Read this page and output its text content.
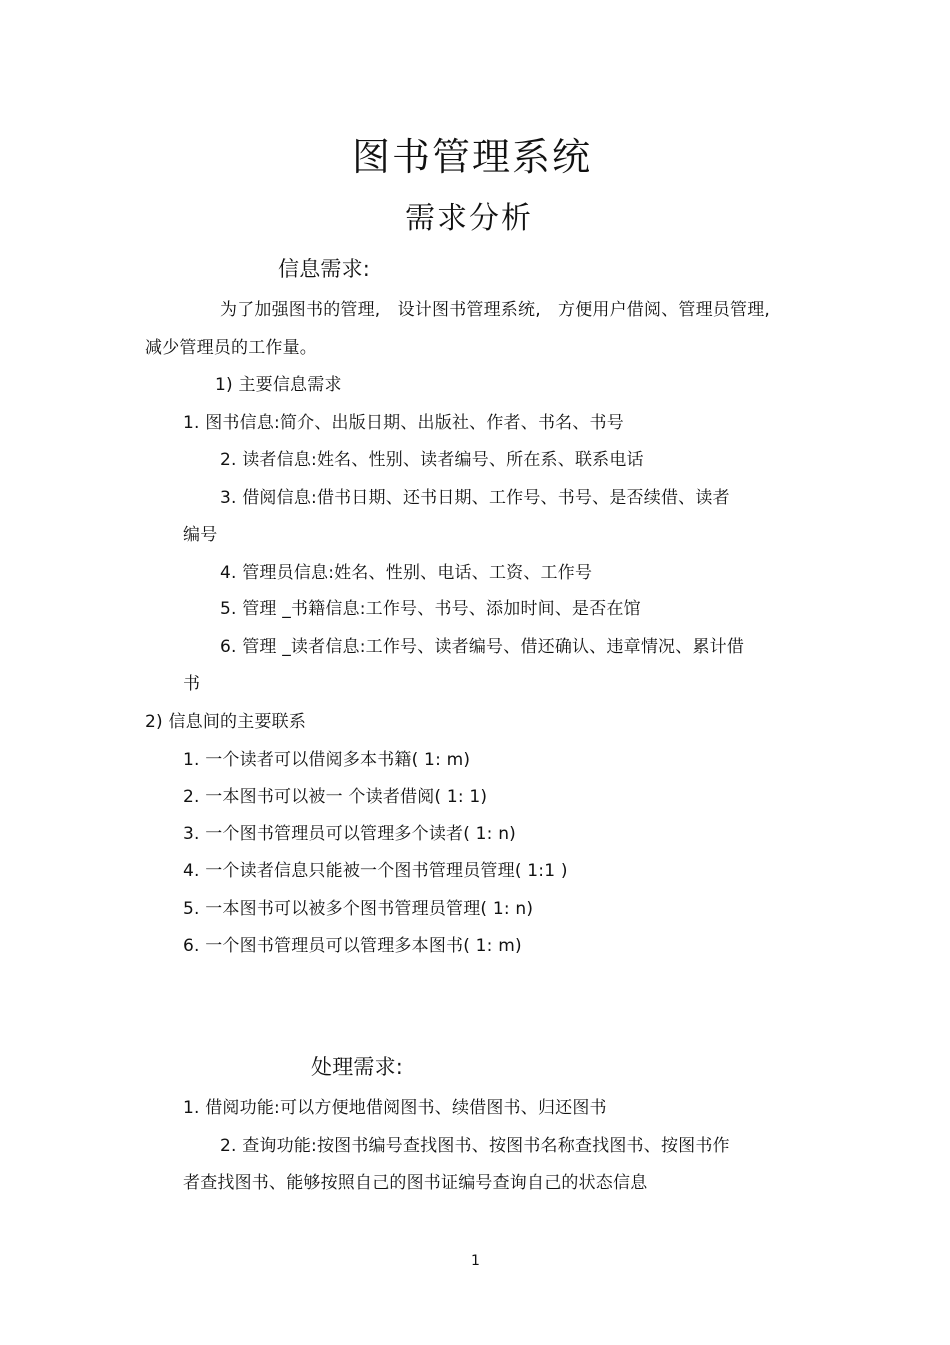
图书管理系统
需求分析
信息需求:
为了加强图书的管理,　设计图书管理系统,　方便用户借阅、管理员管理,
减少管理员的工作量。
1) 主要信息需求
1. 图书信息:简介、出版日期、出版社、作者、书名、书号
2. 读者信息:姓名、性别、读者编号、所在系、联系电话
3. 借阅信息:借书日期、还书日期、工作号、书号、是否续借、读者
编号
4. 管理员信息:姓名、性别、电话、工资、工作号
5. 管理 _书籍信息:工作号、书号、添加时间、是否在馆
6. 管理 _读者信息:工作号、读者编号、借还确认、违章情况、累计借
书
2) 信息间的主要联系
1. 一个读者可以借阅多本书籍( 1: m)
2. 一本图书可以被一 个读者借阅( 1: 1)
3. 一个图书管理员可以管理多个读者( 1: n)
4. 一个读者信息只能被一个图书管理员管理( 1:1 )
5. 一本图书可以被多个图书管理员管理( 1: n)
6. 一个图书管理员可以管理多本图书( 1: m)
处理需求:
1. 借阅功能:可以方便地借阅图书、续借图书、归还图书
2. 查询功能:按图书编号查找图书、按图书名称查找图书、按图书作
者查找图书、能够按照自己的图书证编号查询自己的状态信息
1
